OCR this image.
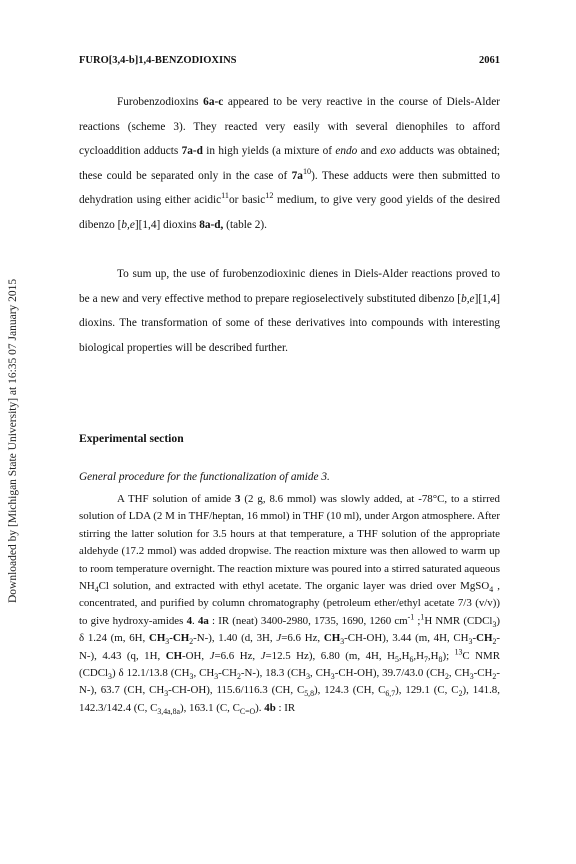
Downloaded by [Michigan State University] at 16:35 07 January 2015
FURO[3,4-b]1,4-BENZODIOXINS	2061

Furobenzodioxins 6a-c appeared to be very reactive in the course of Diels-Alder reactions (scheme 3). They reacted very easily with several dienophiles to afford cycloaddition adducts 7a-d in high yields (a mixture of endo and exo adducts was obtained; these could be separated only in the case of $7a^{10}$). These adducts were then submitted to dehydration using either acidic$^{11}$or basic$^{12}$ medium, to give very good yields of the desired dibenzo [b,e][1,4] dioxins 8a-d, (table 2).

To sum up, the use of furobenzodioxinic dienes in Diels-Alder reactions proved to be a new and very effective method to prepare regioselectively substituted dibenzo [b,e][1,4] dioxins. The transformation of some of these derivatives into compounds with interesting biological properties will be described further.

Experimental section
General procedure for the functionalization of amide 3.

A THF solution of amide 3 (2 g, 8.6 mmol) was slowly added, at -78°C, to a stirred solution of LDA (2 M in THF/heptan, 16 mmol) in THF (10 ml), under Argon atmosphere. After stirring the latter solution for 3.5 hours at that temperature, a THF solution of the appropriate aldehyde (17.2 mmol) was added dropwise. The reaction mixture was then allowed to warm up to room temperature overnight. The reaction mixture was poured into a stirred saturated aqueous $NH_4Cl$ solution, and extracted with ethyl acetate. The organic layer was dried over MgSO$_4$ , concentrated, and purified by column chromatography (petroleum ether/ethyl acetate 7/3 (v/v)) to give hydroxy-amides 4. 4a : IR (neat) 3400-2980, 1735, 1690, 1260 $cm^{-1}$ ;$^1$H NMR (CDCl$_3$) δ 1.24 (m, 6H, $CH_3-CH_2-N-$), 1.40 (d, 3H, J=6.6 Hz, $CH_3-CH-OH$), 3.44 (m, 4H, $CH_3-CH_2-N-$), 4.43 (q, 1H, CH-OH, J=6.6 Hz, J=12.5 Hz), 6.80 (m, 4H, $H_5,H_6,H_7,H_8$); $^{13}$C NMR (CDCl$_3$) δ 12.1/13.8 ($CH_3$, $CH_3-CH_2-N-$), 18.3 ($CH_3$, $CH_3-CH-OH$), 39.7/43.0 ($CH_2$, $CH_3-CH_2-N-$), 63.7 (CH, $CH_3-CH-OH$), 115.6/116.3 (CH, $C_{5,8}$), 124.3 (CH, $C_{6,7}$), 129.1 (C, $C_2$), 141.8, 142.3/142.4 (C, $C_{3,4a,8a}$), 163.1 (C, $C_{C=O}$). 4b : IR
